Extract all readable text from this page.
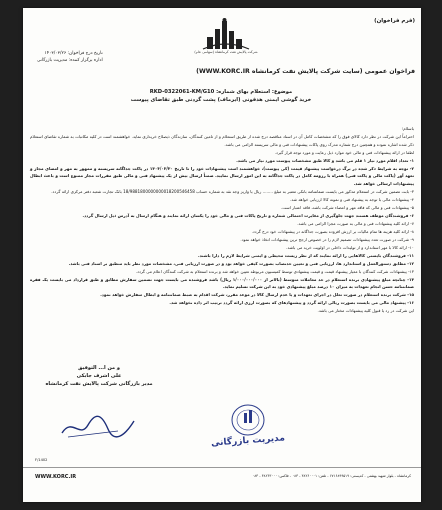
(فرم فراخوان)
شرکت پالایش نفت کرمانشاه (سهامی عام)
تاریخ درج فراخوان: ۱۴۰۳/۰۳/۲۶
اداره برگزار کننده: مدیریت بازرگانی
فراخوان عمومی (سایت شرکت پالایش نفت کرمانشاه WWW.KORC.IR)
موضوع: استعلام بهای شماره: RKD-0322061-KM/G10
خرید گوشی ایمنی هدفونی (ایرماف) پشت گردنی طبق تقاضای پیوست

باسلام؛

احتراماً این شرکت در نظر دارد کالای فوق را که مشخصات کامل آن در اسناد مناقصه درج شده از طریق استعلام و از تامین کنندگان، سازندگان ذیصلاح خریداری نماید. خواهشمند است در کلیه مکاتبات به شماره تقاضای استعلام ذکر شده اشاره نموده و همچنین درج شماره مدرک روی پاکات پیشنهادات فنی و مالی سرپسته الزامی می باشد.

لطفا در ارائه پیشنهادات فنی و مالی خود موارد ذیل رعایت و مورد توجه قرار گیرد.

۱- تعداد اقلام مورد نیاز ۱ قلم می باشد و کالا طبق مشخصات پیوست مورد نیاز می باشد.

۲- توجه به شرایط ذکر شده در برگ درخواست پیشنهاد قیمت (کی پیوست)، خواهشمند است پیشنهادات خود را تا تاریخ ۱۴۰۳/۰۳/۳۰ در پاکت جداگانه سرپسته و ممهور به مهر و امضای مجاز و تعهد آور (پاکت مالی و پاکت فنی) همراه با رزومه کامل در پاکت جداگانه به این امور ارسال نمایید. ضمناً ارسال بیش از یک پیشنهاد فنی و مالی طبق مقررات مجاز ممنوع است و باعث ابطال پیشنهادات ارسالی خواهد شد.

۳- بابت تضمین شرکت در استعلام مذکور می بایست ضمانتنامه بانکی معتبر به مبلغ ........ ریال یا واریز وجه نقد به شماره حساب 18/9881800000000018200546458 بانک تجارت شعبه دفتر مرکزی ارائه گردد.

۴- پیشنهادات مالی با توجه به پیشنهاد فنی و نمونه کالا ارزیابی خواهد شد.

۵- پیشنهادات فنی و مالی که فاقد مهر و امضاء شرکت باشد، فاقد اعتبار است.

۶- فروشندگان موظف هستند جهت جلوگیری از مغایرت احتمالی شماره و تاریخ پاکات فنی و مالی خود را یکسان ارائه نمایند و هنگام ارسال به آدرس ذیل ارسال گردد.

۷- ارائه کلیه پیشنهادات فنی و مالی به صورت مجزا الزامی می باشد.

۸- ارائه کلیه هزینه ها تمام مالیات بر ارزش افزوده بصورت جداگانه در پیشنهادات خود درج گردد.

۹- شرکت در صورت تعدد پیشنهادات تصمیم لازم را در خصوص ارجح ترین پیشنهادات اتخاذ خواهد نمود.

۱۰- ارائه کالا با مهر استاندارد و از تولیدات داخلی در اولویت خرید می باشد.

۱۱- فروشندگان بایستی کالاهایی را ارائه نمایند که از نظر زیست محیطی و ایمنی شرایط لازم را دارا باشند.

۱۲- مطابق دستورالعمل و استاندارد ها، ارزیابی فنی و تعیین حدنصاب بصورت کیفی خواهد بود و در صورت ارزیابی فنی، مشخصات مورد نظر باید منطبق بر اسناد فنی باشد.

۱۳- پیشنهادات شرکت کنندگان با معیار پیشنهاد قیمت و قیمت پیشنهادی توسط کمیسیون مربوطه تعیین خواهد شد و برنده استعلام به شرکت کنندگان اعلام می گردد.

۱۴- چنانچه مبلغ پیشنهادی برنده استعلام در حد معاملات متوسط (بالاتر از ۱/۰۰۰/۰۰۰/۰۰۰ ریال) باشد فروشنده می بایست جهت تضمین سفارش مطابق و طبق قرارداد می بایست یک فقره ضمانتنامه حسن انجام تعهدات به میزان ۱۰ درصد مبلغ پیشنهادی خود به این شرکت تسلیم نماید.

۱۵- شرکت برنده استعلام در صورت تعلل در اجرای تعهدات و یا عدم ارسال کالا در موعد مقرر، شرکت اقدام به ضبط ضمانتنامه و ابطال سفارش خواهد نمود.

۱۶- پیشنهاد مالی می بایست بصورت ریالی ارائه گردد و پیشنهادهای که بصورت ارزی ارائه گردد ترتیب اثر داده نخواهد شد.

این شرکت در رد یا قبول کلیه پیشنهادات مختار می باشد.

و من ا... التوفیق
علی اشرف جابکی
مدیر بازرگانی شرکت پالایش نفت کرمانشاه
مدیریت بازرگانی
F/1402
WWW.KORC.IR	کرمانشاه - بلوار شهید بهشتی - کدپستی: ۶۷۱۶۸۹۹۵۱۹ - تلفن: ۳۸۲۶۰۰۰۱ - ۰۸۳ - فاکس: ۳۸۲۶۳۰۰۰ - ۰۸۳
